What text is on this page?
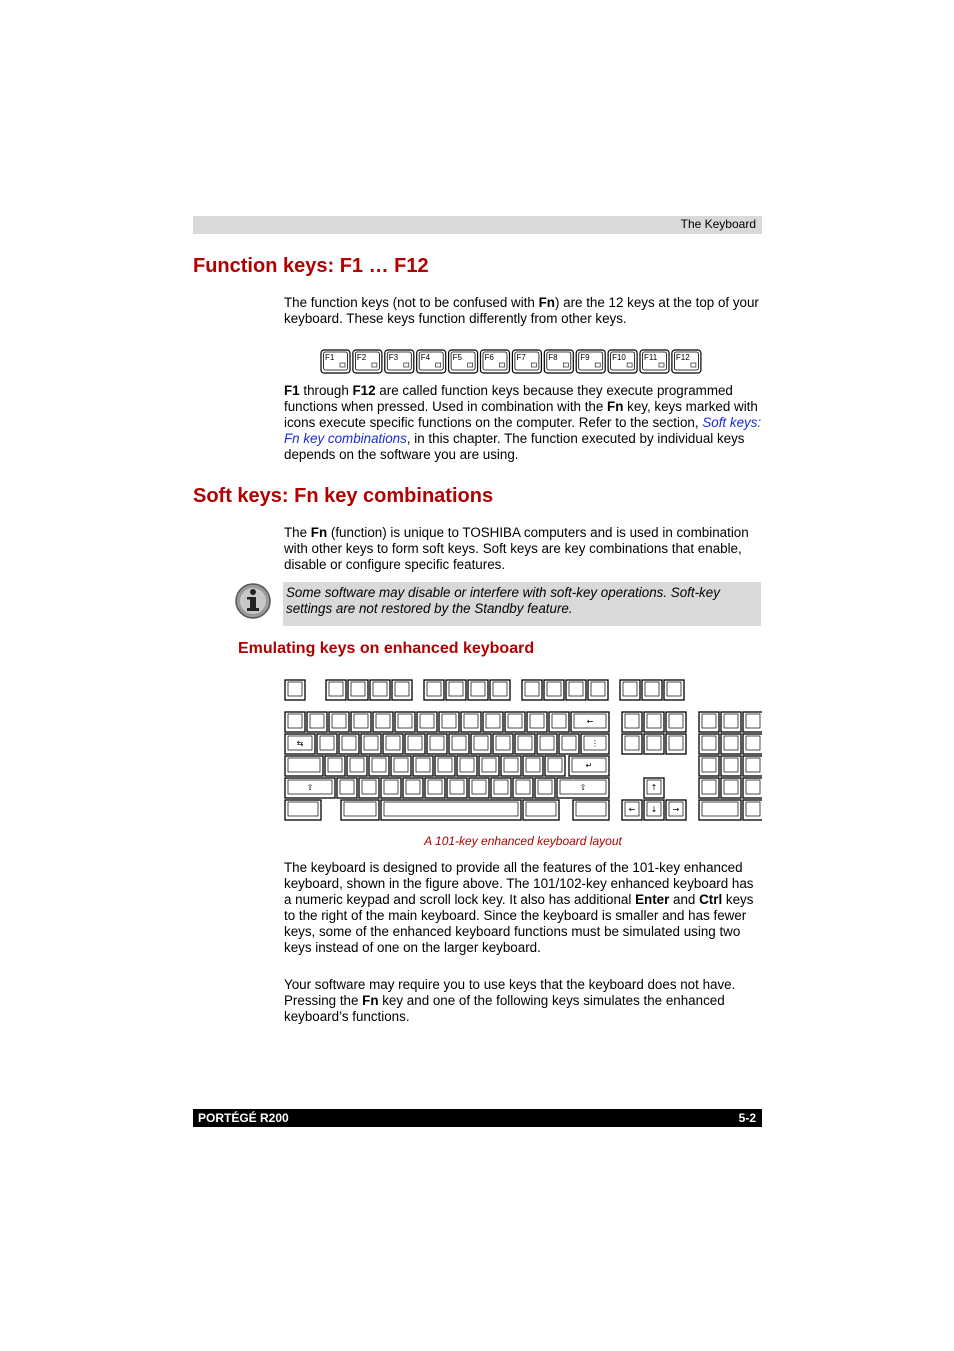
The Keyboard
Function keys: F1 … F12

The function keys (not to be confused with Fn) are the 12 keys at the top of your keyboard. These keys function differently from other keys.

F1	F2	F3	F4	F5	F6	F7	F8	F9	F10 F11 F12

F1 through F12 are called function keys because they execute programmed functions when pressed. Used in combination with the Fn key, keys marked with icons execute specific functions on the computer. Refer to the section, Soft keys: Fn key combinations, in this chapter. The function executed by individual keys depends on the software you are using.

Soft keys: Fn key combinations

The Fn (function) is unique to TOSHIBA computers and is used in combination with other keys to form soft keys. Soft keys are key combinations that enable, disable or configure specific features.

Some software may disable or interfere with soft-key operations. Soft-key settings are not restored by the Standby feature.

Emulating keys on enhanced keyboard
←
⇆	⋮
↵
⇧	⇧	↑
← ↓ →
A 101-key enhanced keyboard layout

The keyboard is designed to provide all the features of the 101-key enhanced keyboard, shown in the figure above. The 101/102-key enhanced keyboard has a numeric keypad and scroll lock key. It also has additional Enter and Ctrl keys to the right of the main keyboard. Since the keyboard is smaller and has fewer keys, some of the enhanced keyboard functions must be simulated using two keys instead of one on the larger keyboard.

Your software may require you to use keys that the keyboard does not have. Pressing the Fn key and one of the following keys simulates the enhanced keyboard’s functions.

PORTÉGÉ R200	5-2
